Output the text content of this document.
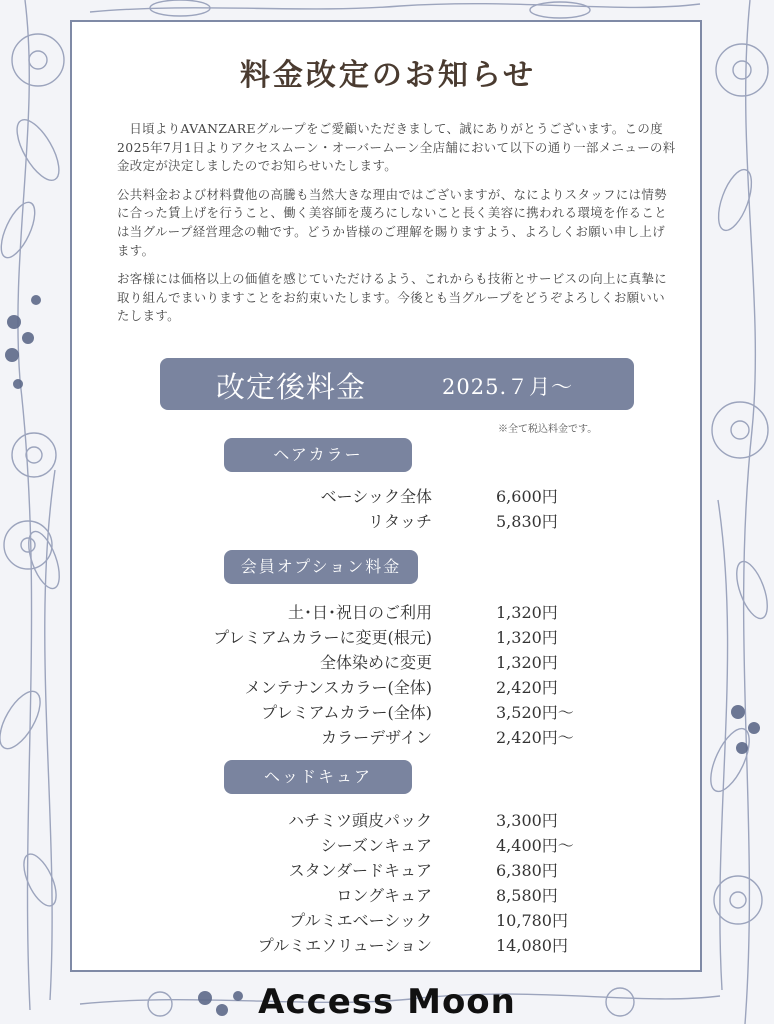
料金改定のお知らせ

日頃よりAVANZAREグループをご愛顧いただきまして、誠にありがとうございます。この度2025年7月1日よりアクセスムーン・オーバームーン全店舗において以下の通り一部メニューの料金改定が決定しましたのでお知らせいたします。

公共料金および材料費他の高騰も当然大きな理由ではございますが、なによりスタッフには情勢に合った賃上げを行うこと、働く美容師を蔑ろにしないこと長く美容に携われる環境を作ることは当グループ経営理念の軸です。どうか皆様のご理解を賜りますよう、よろしくお願い申し上げます。

お客様には価格以上の価値を感じていただけるよう、これからも技術とサービスの向上に真摯に取り組んでまいりますことをお約束いたします。今後とも当グループをどうぞよろしくお願いいたします。

改定後料金	2025.７月～
※全て税込料金です。
ヘアカラー
ベーシック全体	6,600円
リタッチ	5,830円
会員オプション料金
土･日･祝日のご利用	1,320円
プレミアムカラーに変更(根元)	1,320円
全体染めに変更	1,320円
メンテナンスカラー(全体)	2,420円
プレミアムカラー(全体)	3,520円～
カラーデザイン	2,420円～
ヘッドキュア
ハチミツ頭皮パック	3,300円
シーズンキュア	4,400円～
スタンダードキュア	6,380円
ロングキュア	8,580円
プルミエベーシック	10,780円
プルミエソリューション	14,080円
Access Moon
